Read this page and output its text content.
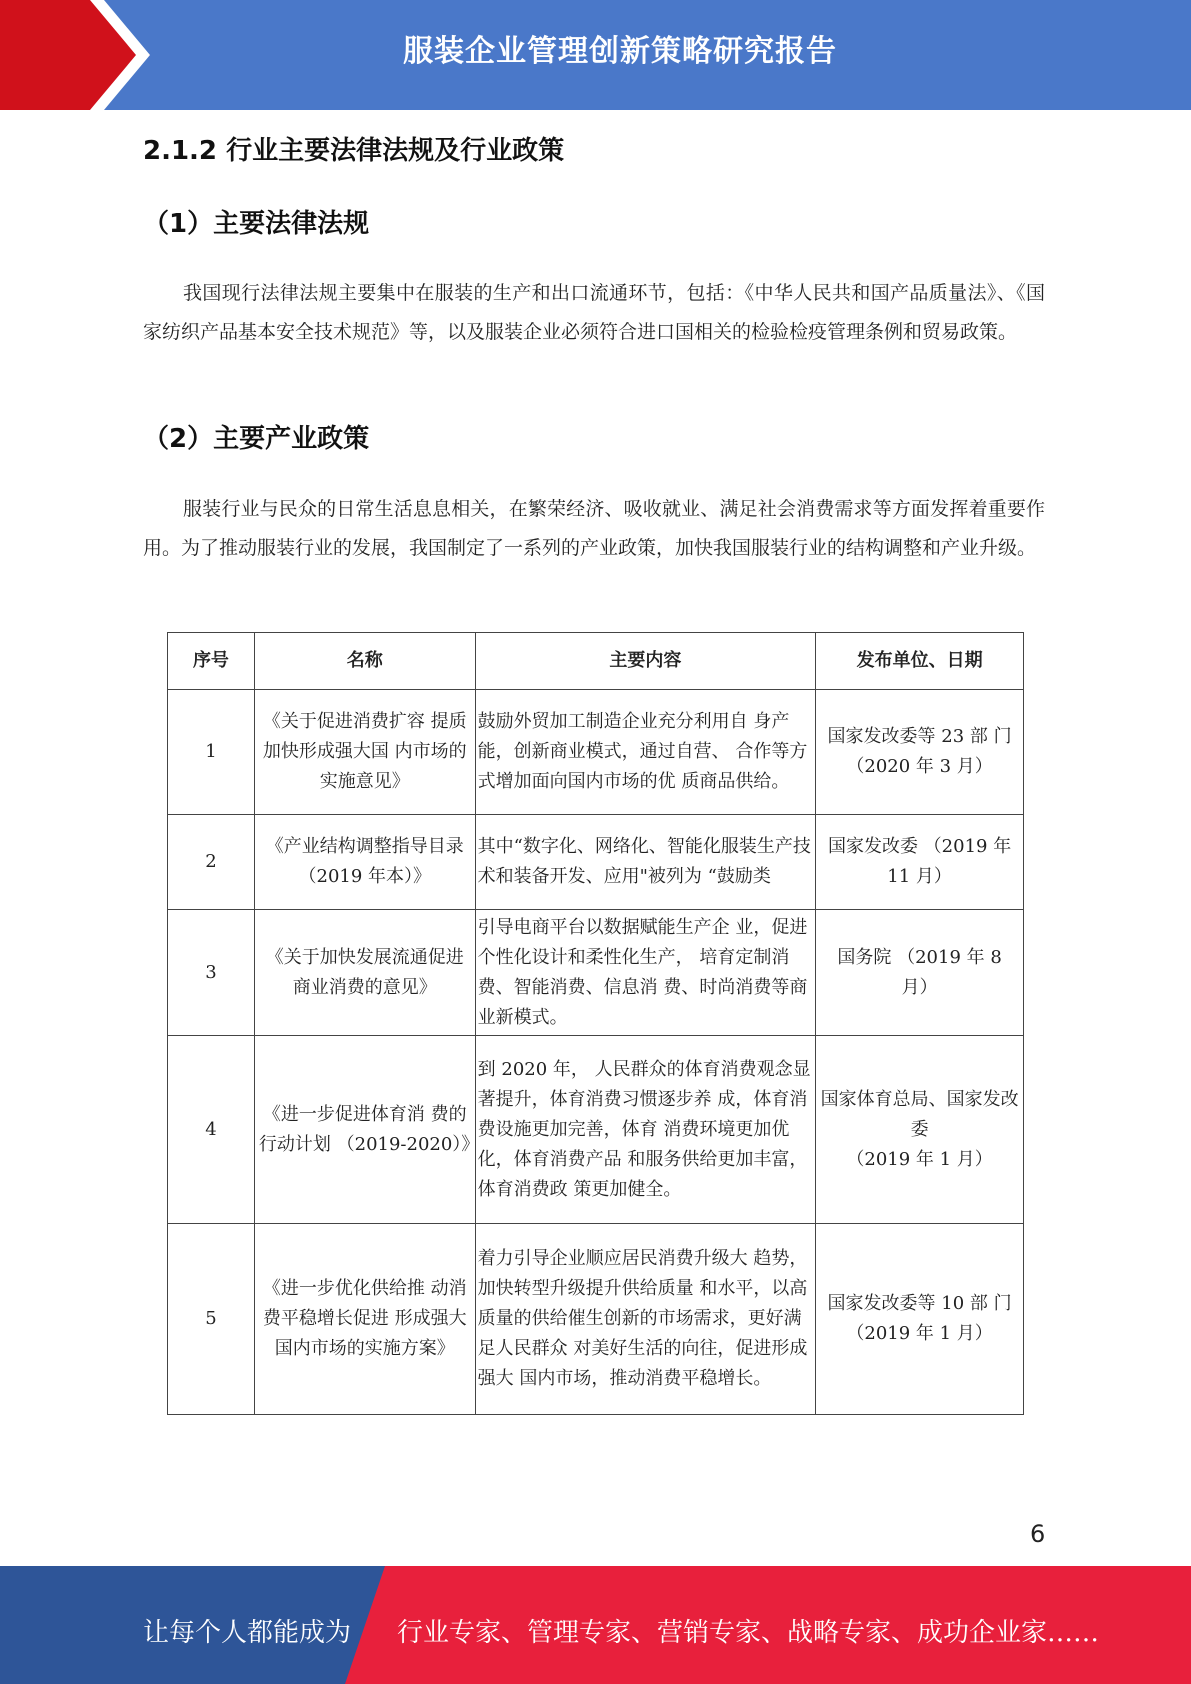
服装企业管理创新策略研究报告
2.1.2 行业主要法律法规及行业政策
（1）主要法律法规
我国现行法律法规主要集中在服装的生产和出口流通环节，包括：《中华人民共和国产品质量法》、《国家纺织产品基本安全技术规范》等，以及服装企业必须符合进口国相关的检验检疫管理条例和贸易政策。
（2）主要产业政策
服装行业与民众的日常生活息息相关，在繁荣经济、吸收就业、满足社会消费需求等方面发挥着重要作用。为了推动服装行业的发展，我国制定了一系列的产业政策，加快我国服装行业的结构调整和产业升级。
序号	名称	主要内容	发布单位、日期
1	《关于促进消费扩容 提质加快形成强大国 内市场的实施意见》	鼓励外贸加工制造企业充分利用自 身产能，创新商业模式，通过自营、 合作等方式增加面向国内市场的优 质商品供给。	国家发改委等 23 部 门
（2020 年 3 月）

2	《产业结构调整指导目录（2019 年本）》	其中“数字化、网络化、智能化服装生产技术和装备开发、应用"被列为 “鼓励类	国家发改委 （2019 年
11 月）

3	《关于加快发展流通促进商业消费的意见》	引导电商平台以数据赋能生产企 业，促进个性化设计和柔性化生产， 培育定制消费、智能消费、信息消 费、时尚消费等商业新模式。	国务院 （2019 年 8
月）

4	《进一步促进体育消 费的行动计划 （2019-2020）》	到 2020 年， 人民群众的体育消费观念显著提升，体育消费习惯逐步养 成，体育消费设施更加完善，体育 消费环境更加优化，体育消费产品 和服务供给更加丰富，体育消费政 策更加健全。	国家体育总局、国家发改委
（2019 年 1 月）

5	《进一步优化供给推 动消费平稳增长促进 形成强大国内市场的实施方案》	着力引导企业顺应居民消费升级大 趋势，加快转型升级提升供给质量 和水平，以高质量的供给催生创新的市场需求，更好满足人民群众 对美好生活的向往，促进形成强大 国内市场，推动消费平稳增长。	国家发改委等 10 部 门
（2019 年 1 月）
6
让每个人都能成为 行业专家、管理专家、营销专家、战略专家、成功企业家……
